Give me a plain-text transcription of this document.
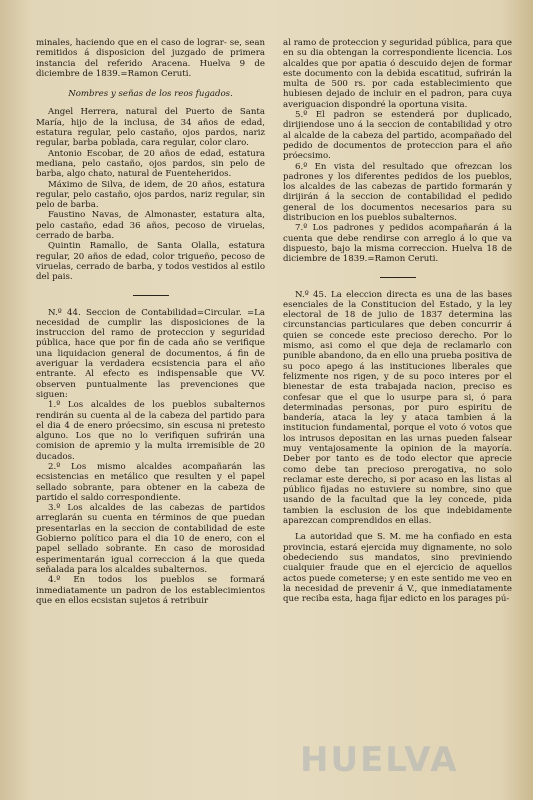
minales, haciendo que en el caso de lograr- se, sean remitidos á disposicion del juzgado de primera instancia del referido Aracena. Huelva 9 de diciembre de 1839.=Ramon Ceruti.

Nombres y señas de los reos fugados.

Angel Herrera, natural del Puerto de Santa María, hijo de la inclusa, de 34 años de edad, estatura regular, pelo castaño, ojos pardos, nariz regular, barba poblada, cara regular, color claro.

Antonio Escobar, de 20 años de edad, estatura mediana, pelo castaño, ojos pardos, sin pelo de barba, algo chato, natural de Fuenteheridos.

Máximo de Silva, de idem, de 20 años, estatura regular, pelo castaño, ojos pardos, nariz regular, sin pelo de barba.

Faustino Navas, de Almonaster, estatura alta, pelo castaño, edad 36 años, pecoso de viruelas, cerrado de barba.

Quintin Ramallo, de Santa Olalla, estatura regular, 20 años de edad, color trigueño, pecoso de viruelas, cerrado de barba, y todos vestidos al estilo del pais.

N.º 44. Seccion de Contabilidad=Circular. =La necesidad de cumplir las disposiciones de la instruccion del ramo de proteccion y seguridad pública, hace que por fin de cada año se verifique una liquidacion general de documentos, á fin de averiguar la verdadera ecsistencia para el año entrante. Al efecto es indispensable que VV. observen puntualmente las prevenciones que siguen:

1.º Los alcaldes de los pueblos subalternos rendirán su cuenta al de la cabeza del partido para el dia 4 de enero próecsimo, sin escusa ni pretesto alguno. Los que no lo verifiquen sufrirán una comision de apremio y la multa irremisible de 20 ducados.

2.º Los mismo alcaldes acompañarán las ecsistencias en metálico que resulten y el papel sellado sobrante, para obtener en la cabeza de partido el saldo correspondiente.

3.º Los alcaldes de las cabezas de partidos arreglarán su cuenta en términos de que puedan presentarlas en la seccion de contabilidad de este Gobierno político para el dia 10 de enero, con el papel sellado sobrante. En caso de morosidad esperimentarán igual correccion á la que queda señalada para los alcaldes subalternos.

4.º En todos los pueblos se formará inmediatamente un padron de los establecimientos que en ellos ecsistan sujetos á retribuir

al ramo de proteccion y seguridad pública, para que en su dia obtengan la correspondiente licencia. Los alcaldes que por apatia ó descuido dejen de formar este documento con la debida escatitud, sufrirán la multa de 500 rs. por cada establecimiento que hubiesen dejado de incluir en el padron, para cuya averiguacion dispondré la oportuna visita.

5.º El padron se estenderá por duplicado, dirijiendose uno á la seccion de contabilidad y otro al alcalde de la cabeza del partido, acompañado del pedido de documentos de proteccion para el año próecsimo.

6.º En vista del resultado que ofrezcan los padrones y los diferentes pedidos de los pueblos, los alcaldes de las cabezas de partido formarán y dirijirán á la seccion de contabilidad el pedido general de los documentos necesarios para su distribucion en los pueblos subalternos.

7.º Los padrones y pedidos acompañarán á la cuenta que debe rendirse con arreglo á lo que va dispuesto, bajo la misma correccion. Huelva 18 de diciembre de 1839.=Ramon Ceruti.

N.º 45. La eleccion directa es una de las bases esenciales de la Constitucion del Estado, y la ley electoral de 18 de julio de 1837 determina las circunstancias particulares que deben concurrir á quien se concede este precioso derecho. Por lo mismo, asi como el que deja de reclamarlo con punible abandono, da en ello una prueba positiva de su poco apego á las instituciones liberales que felizmente nos rigen, y de su poco interes por el bienestar de esta trabajada nacion, preciso es confesar que el que lo usurpe para si, ó para determinadas personas, por puro espiritu de bandería, ataca la ley y ataca tambien á la institucion fundamental, porque el voto ó votos que los intrusos depositan en las urnas pueden falsear muy ventajosamente la opinion de la mayoría. Deber por tanto es de todo elector que aprecie como debe tan precioso prerogativa, no solo reclamar este derecho, si por acaso en las listas al público fijadas no estuviere su nombre, sino que usando de la facultad que la ley concede, pida tambien la esclusion de los que indebidamente aparezcan comprendidos en ellas.

La autoridad que S. M. me ha confiado en esta provincia, estará ejercida muy dignamente, no solo obedeciendo sus mandatos, sino previniendo cualquier fraude que en el ejercicio de aquellos actos puede cometerse; y en este sentido me veo en la necesidad de prevenir á V., que inmediatamente que reciba esta, haga fijar edicto en los parages pú-

HUELVA
